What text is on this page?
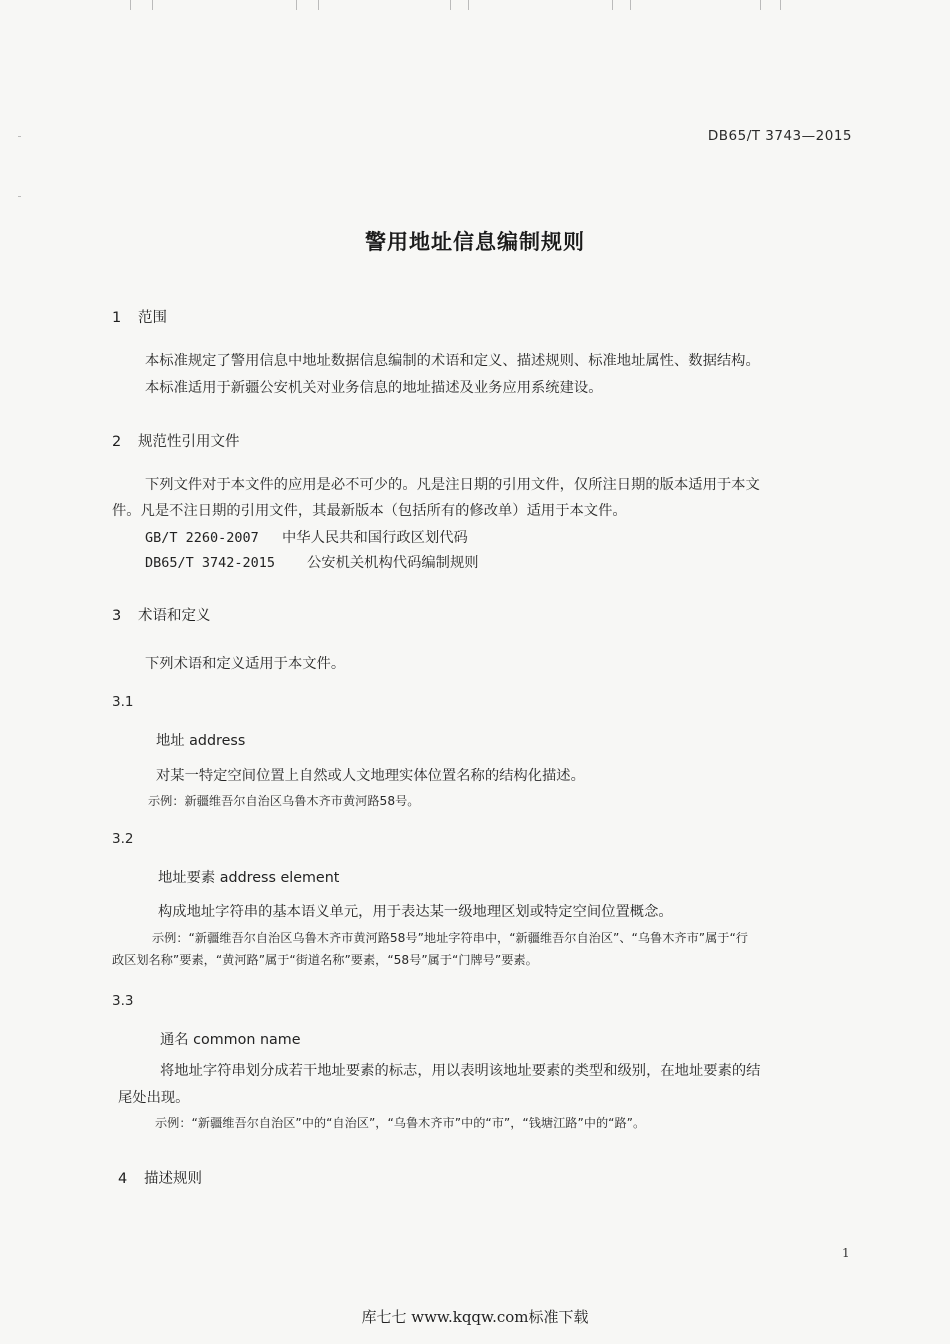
DB65/T 3743—2015
警用地址信息编制规则
1 范围
本标准规定了警用信息中地址数据信息编制的术语和定义、描述规则、标准地址属性、数据结构。
本标准适用于新疆公安机关对业务信息的地址描述及业务应用系统建设。
2 规范性引用文件
下列文件对于本文件的应用是必不可少的。凡是注日期的引用文件，仅所注日期的版本适用于本文
件。凡是不注日期的引用文件，其最新版本（包括所有的修改单）适用于本文件。
GB/T 2260-2007 中华人民共和国行政区划代码
DB65/T 3742-2015 公安机关机构代码编制规则
3 术语和定义
下列术语和定义适用于本文件。
3.1
地址 address
对某一特定空间位置上自然或人文地理实体位置名称的结构化描述。
示例：新疆维吾尔自治区乌鲁木齐市黄河路58号。
3.2
地址要素 address element
构成地址字符串的基本语义单元，用于表达某一级地理区划或特定空间位置概念。
示例：“新疆维吾尔自治区乌鲁木齐市黄河路58号”地址字符串中，“新疆维吾尔自治区”、“乌鲁木齐市”属于“行
政区划名称”要素，“黄河路”属于“街道名称”要素，“58号”属于“门牌号”要素。
3.3
通名 common name
将地址字符串划分成若干地址要素的标志，用以表明该地址要素的类型和级别，在地址要素的结
尾处出现。
示例：“新疆维吾尔自治区”中的“自治区”，“乌鲁木齐市”中的“市”，“钱塘江路”中的“路”。
4 描述规则
1
库七七 www.kqqw.com标准下载
